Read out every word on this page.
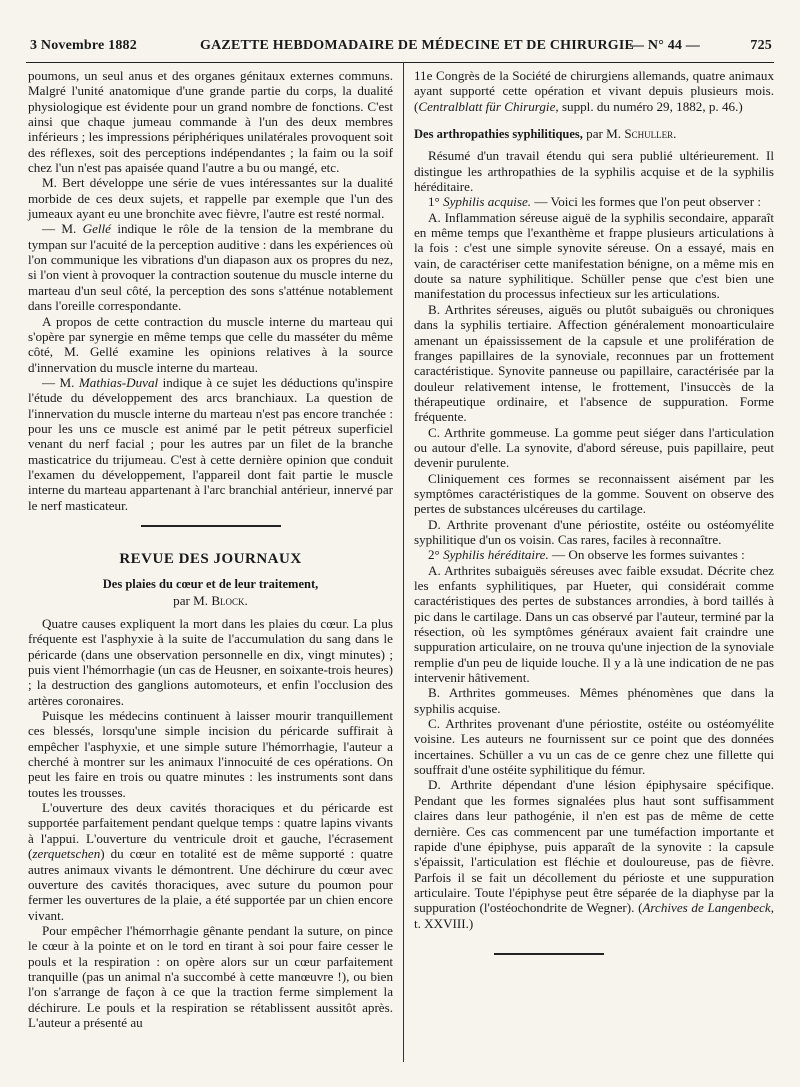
3 Novembre 1882	GAZETTE HEBDOMADAIRE DE MÉDECINE ET DE CHIRURGIE
— N° 44 —	725

poumons, un seul anus et des organes génitaux externes communs. Malgré l'unité anatomique d'une grande partie du corps, la dualité physiologique est évidente pour un grand nombre de fonctions. C'est ainsi que chaque jumeau commande à l'un des deux membres inférieurs ; les impressions périphériques unilatérales provoquent soit des réflexes, soit des perceptions indépendantes ; la faim ou la soif chez l'un n'est pas apaisée quand l'autre a bu ou mangé, etc.

M. Bert développe une série de vues intéressantes sur la dualité morbide de ces deux sujets, et rappelle par exemple que l'un des jumeaux ayant eu une bronchite avec fièvre, l'autre est resté normal.

— M. Gellé indique le rôle de la tension de la membrane du tympan sur l'acuité de la perception auditive : dans les expériences où l'on communique les vibrations d'un diapason aux os propres du nez, si l'on vient à provoquer la contraction soutenue du muscle interne du marteau d'un seul côté, la perception des sons s'atténue notablement dans l'oreille correspondante.

A propos de cette contraction du muscle interne du marteau qui s'opère par synergie en même temps que celle du masséter du même côté, M. Gellé examine les opinions relatives à la source d'innervation du muscle interne du marteau.

— M. Mathias-Duval indique à ce sujet les déductions qu'inspire l'étude du développement des arcs branchiaux. La question de l'innervation du muscle interne du marteau n'est pas encore tranchée : pour les uns ce muscle est animé par le petit pétreux superficiel venant du nerf facial ; pour les autres par un filet de la branche masticatrice du trijumeau. C'est à cette dernière opinion que conduit l'examen du développement, l'appareil dont fait partie le muscle interne du marteau appartenant à l'arc branchial antérieur, innervé par le nerf masticateur.

REVUE DES JOURNAUX
Des plaies du cœur et de leur traitement,
par M. Block.

Quatre causes expliquent la mort dans les plaies du cœur. La plus fréquente est l'asphyxie à la suite de l'accumulation du sang dans le péricarde (dans une observation personnelle en dix, vingt minutes) ; puis vient l'hémorrhagie (un cas de Heusner, en soixante-trois heures) ; la destruction des ganglions automoteurs, et enfin l'occlusion des artères coronaires.

Puisque les médecins continuent à laisser mourir tranquillement ces blessés, lorsqu'une simple incision du péricarde suffirait à empêcher l'asphyxie, et une simple suture l'hémorrhagie, l'auteur a cherché à montrer sur les animaux l'innocuité de ces opérations. On peut les faire en trois ou quatre minutes : les instruments sont dans toutes les trousses.

L'ouverture des deux cavités thoraciques et du péricarde est supportée parfaitement pendant quelque temps : quatre lapins vivants à l'appui. L'ouverture du ventricule droit et gauche, l'écrasement (zerquetschen) du cœur en totalité est de même supporté : quatre autres animaux vivants le démontrent. Une déchirure du cœur avec ouverture des cavités thoraciques, avec suture du poumon pour fermer les ouvertures de la plaie, a été supportée par un chien encore vivant.

Pour empêcher l'hémorrhagie gênante pendant la suture, on pince le cœur à la pointe et on le tord en tirant à soi pour faire cesser le pouls et la respiration : on opère alors sur un cœur parfaitement tranquille (pas un animal n'a succombé à cette manœuvre !), ou bien l'on s'arrange de façon à ce que la traction ferme simplement la déchirure. Le pouls et la respiration se rétablissent aussitôt après. L'auteur a présenté au

11e Congrès de la Société de chirurgiens allemands, quatre animaux ayant supporté cette opération et vivant depuis plusieurs mois. (Centralblatt für Chirurgie, suppl. du numéro 29, 1882, p. 46.)

Des arthropathies syphilitiques, par M. Schuller.

Résumé d'un travail étendu qui sera publié ultérieurement. Il distingue les arthropathies de la syphilis acquise et de la syphilis héréditaire.

1° Syphilis acquise. — Voici les formes que l'on peut observer :

A. Inflammation séreuse aiguë de la syphilis secondaire, apparaît en même temps que l'exanthème et frappe plusieurs articulations à la fois : c'est une simple synovite séreuse. On a essayé, mais en vain, de caractériser cette manifestation bénigne, on a même mis en doute sa nature syphilitique. Schüller pense que c'est bien une manifestation du processus infectieux sur les articulations.

B. Arthrites séreuses, aiguës ou plutôt subaiguës ou chroniques dans la syphilis tertiaire. Affection généralement monoarticulaire amenant un épaississement de la capsule et une prolifération de franges papillaires de la synoviale, reconnues par un frottement caractéristique. Synovite panneuse ou papillaire, caractérisée par la douleur relativement intense, le frottement, l'insuccès de la thérapeutique ordinaire, et l'absence de suppuration. Forme fréquente.

C. Arthrite gommeuse. La gomme peut siéger dans l'articulation ou autour d'elle. La synovite, d'abord séreuse, puis papillaire, peut devenir purulente.

Cliniquement ces formes se reconnaissent aisément par les symptômes caractéristiques de la gomme. Souvent on observe des pertes de substances ulcéreuses du cartilage.

D. Arthrite provenant d'une périostite, ostéite ou ostéomyélite syphilitique d'un os voisin. Cas rares, faciles à reconnaître.

2° Syphilis héréditaire. — On observe les formes suivantes :

A. Arthrites subaiguës séreuses avec faible exsudat. Décrite chez les enfants syphilitiques, par Hueter, qui considérait comme caractéristiques des pertes de substances arrondies, à bord taillés à pic dans le cartilage. Dans un cas observé par l'auteur, terminé par la résection, où les symptômes généraux avaient fait craindre une suppuration articulaire, on ne trouva qu'une injection de la synoviale remplie d'un peu de liquide louche. Il y a là une indication de ne pas intervenir hâtivement.

B. Arthrites gommeuses. Mêmes phénomènes que dans la syphilis acquise.

C. Arthrites provenant d'une périostite, ostéite ou ostéomyélite voisine. Les auteurs ne fournissent sur ce point que des données incertaines. Schüller a vu un cas de ce genre chez une fillette qui souffrait d'une ostéite syphilitique du fémur.

D. Arthrite dépendant d'une lésion épiphysaire spécifique. Pendant que les formes signalées plus haut sont suffisamment claires dans leur pathogénie, il n'en est pas de même de cette dernière. Ces cas commencent par une tuméfaction importante et rapide d'une épiphyse, puis apparaît de la synovite : la capsule s'épaissit, l'articulation est fléchie et douloureuse, pas de fièvre. Parfois il se fait un décollement du périoste et une suppuration articulaire. Toute l'épiphyse peut être séparée de la diaphyse par la suppuration (l'ostéochondrite de Wegner). (Archives de Langenbeck, t. XXVIII.)
